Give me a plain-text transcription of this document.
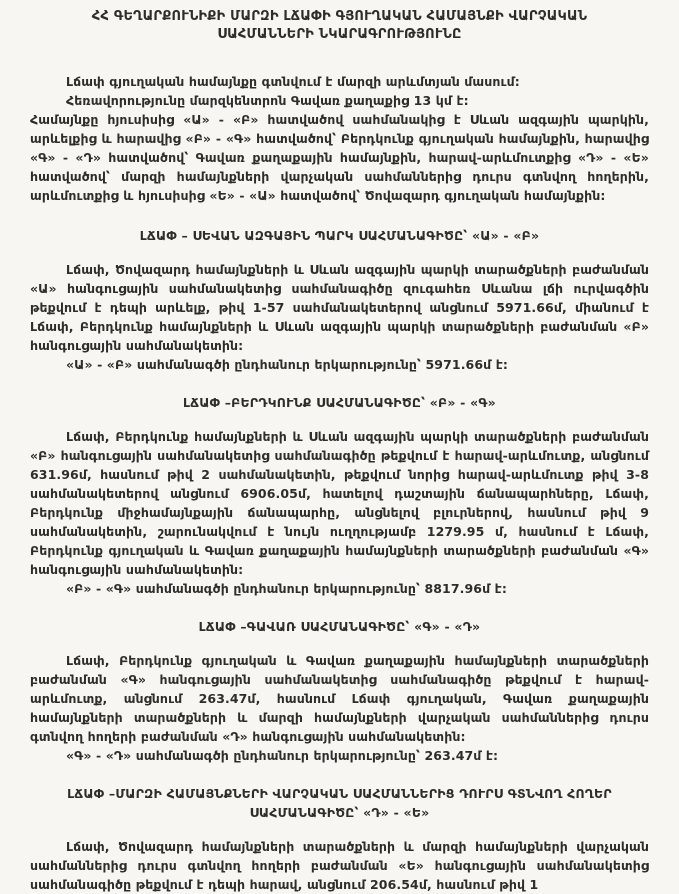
ՀՀ ԳԵՂԱՐՔՈՒՆԻՔԻ ՄԱՐԶԻ ԼՃԱՓԻ ԳՅՈՒՂԱԿԱՆ ՀԱՄԱՅՆՔԻ ՎԱՐՉԱԿԱՆ ՍԱՀՄԱՆՆԵՐԻ ՆԿԱՐԱԳՐՈՒԹՅՈՒՆԸ

Լճափ գյուղական համայնքը գտնվում է մարզի արևմտյան մասում:

Հեռավորությունը մարզկենտրոն Գավառ քաղաքից 13 կմ է:

Համայնքը հյուսիսից «Ա» - «Բ» հատվածով սահմանակից է Սևան ազգային պարկին, արևելքից և հարավից «Բ» - «Գ» հատվածով՝ Բերդկունք գյուղական համայնքին, հարավից «Գ» - «Դ» հատվածով՝ Գավառ քաղաքային համայնքին, հարավ-արևմուտքից «Դ» - «Ե» հատվածով՝ մարզի համայնքների վարչական սահմաններից դուրս գտնվող հողերին, արևմուտքից և հյուսիսից «Ե» - «Ա» հատվածով՝ Ծովազարդ գյուղական համայնքին:

ԼՃԱՓ – ՍԵՎԱՆ ԱԶԳԱՅԻՆ ՊԱՐԿ ՍԱՀՄԱՆԱԳԻԾԸ՝ «Ա» - «Բ»

Լճափ, Ծովազարդ համայնքների և Սևան ազգային պարկի տարածքների բաժանման «Ա» հանգուցային սահմանակետից սահմանագիծը զուգահեռ Սևանա լճի ուրվագծին թեքվում է դեպի արևելք, թիվ 1-57 սահմանակետերով անցնում 5971.66մ, միանում է Լճափ, Բերդկունք համայնքների և Սևան ազգային պարկի տարածքների բաժանման «Բ» հանգուցային սահմանակետին:

«Ա» - «Բ» սահմանագծի ընդհանուր երկարությունը՝ 5971.66մ է:

ԼՃԱՓ –ԲԵՐԴԿՈՒՆՔ ՍԱՀՄԱՆԱԳԻԾԸ՝ «Բ» - «Գ»

Լճափ, Բերդկունք համայնքների և Սևան ազգային պարկի տարածքների բաժանման «Բ» հանգուցային սահմանակետից սահմանագիծը թեքվում է հարավ-արևմուտք, անցնում 631.96մ, հասնում թիվ 2 սահմանակետին, թեքվում նորից հարավ-արևմուտք թիվ 3-8 սահմանակետերով անցնում 6906.05մ, հատելով դաշտային ճանապարհները, Լճափ, Բերդկունք միջհամայնքային ճանապարհը, անցնելով բլուրներով, հասնում թիվ 9 սահմանակետին, շարունակվում է նույն ուղղությամբ 1279.95 մ, հասնում է Լճափ, Բերդկունք գյուղական և Գավառ քաղաքային համայնքների տարածքների բաժանման «Գ» հանգուցային սահմանակետին:

«Բ» - «Գ» սահմանագծի ընդհանուր երկարությունը՝ 8817.96մ է:

ԼՃԱՓ –ԳԱՎԱՌ ՍԱՀՄԱՆԱԳԻԾԸ՝ «Գ» - «Դ»

Լճափ, Բերդկունք գյուղական և Գավառ քաղաքային համայնքների տարածքների բաժանման «Գ» հանգուցային սահմանակետից սահմանագիծը թեքվում է հարավ-արևմուտք, անցնում 263.47մ, հասնում Լճափ գյուղական, Գավառ քաղաքային համայնքների տարածքների և մարզի համայնքների վարչական սահմաններից դուրս գտնվող հողերի բաժանման «Դ» հանգուցային սահմանակետին:

«Գ» - «Դ» սահմանագծի ընդհանուր երկարությունը՝ 263.47մ է:

ԼՃԱՓ –ՄԱՐԶԻ ՀԱՄԱՅՆՔՆԵՐԻ ՎԱՐՉԱԿԱՆ ՍԱՀՄԱՆՆԵՐԻՑ ԴՈՒՐՍ ԳՏՆՎՈՂ ՀՈՂԵՐ ՍԱՀՄԱՆԱԳԻԾԸ՝ «Դ» - «Ե»

Լճափ, Ծովազարդ համայնքների տարածքների և մարզի համայնքների վարչական սահմաններից դուրս գտնվող հողերի բաժանման «Ե» հանգուցային սահմանակետից սահմանագիծը թեքվում է դեպի հարավ, անցնում 206.54մ, հասնում թիվ 1
